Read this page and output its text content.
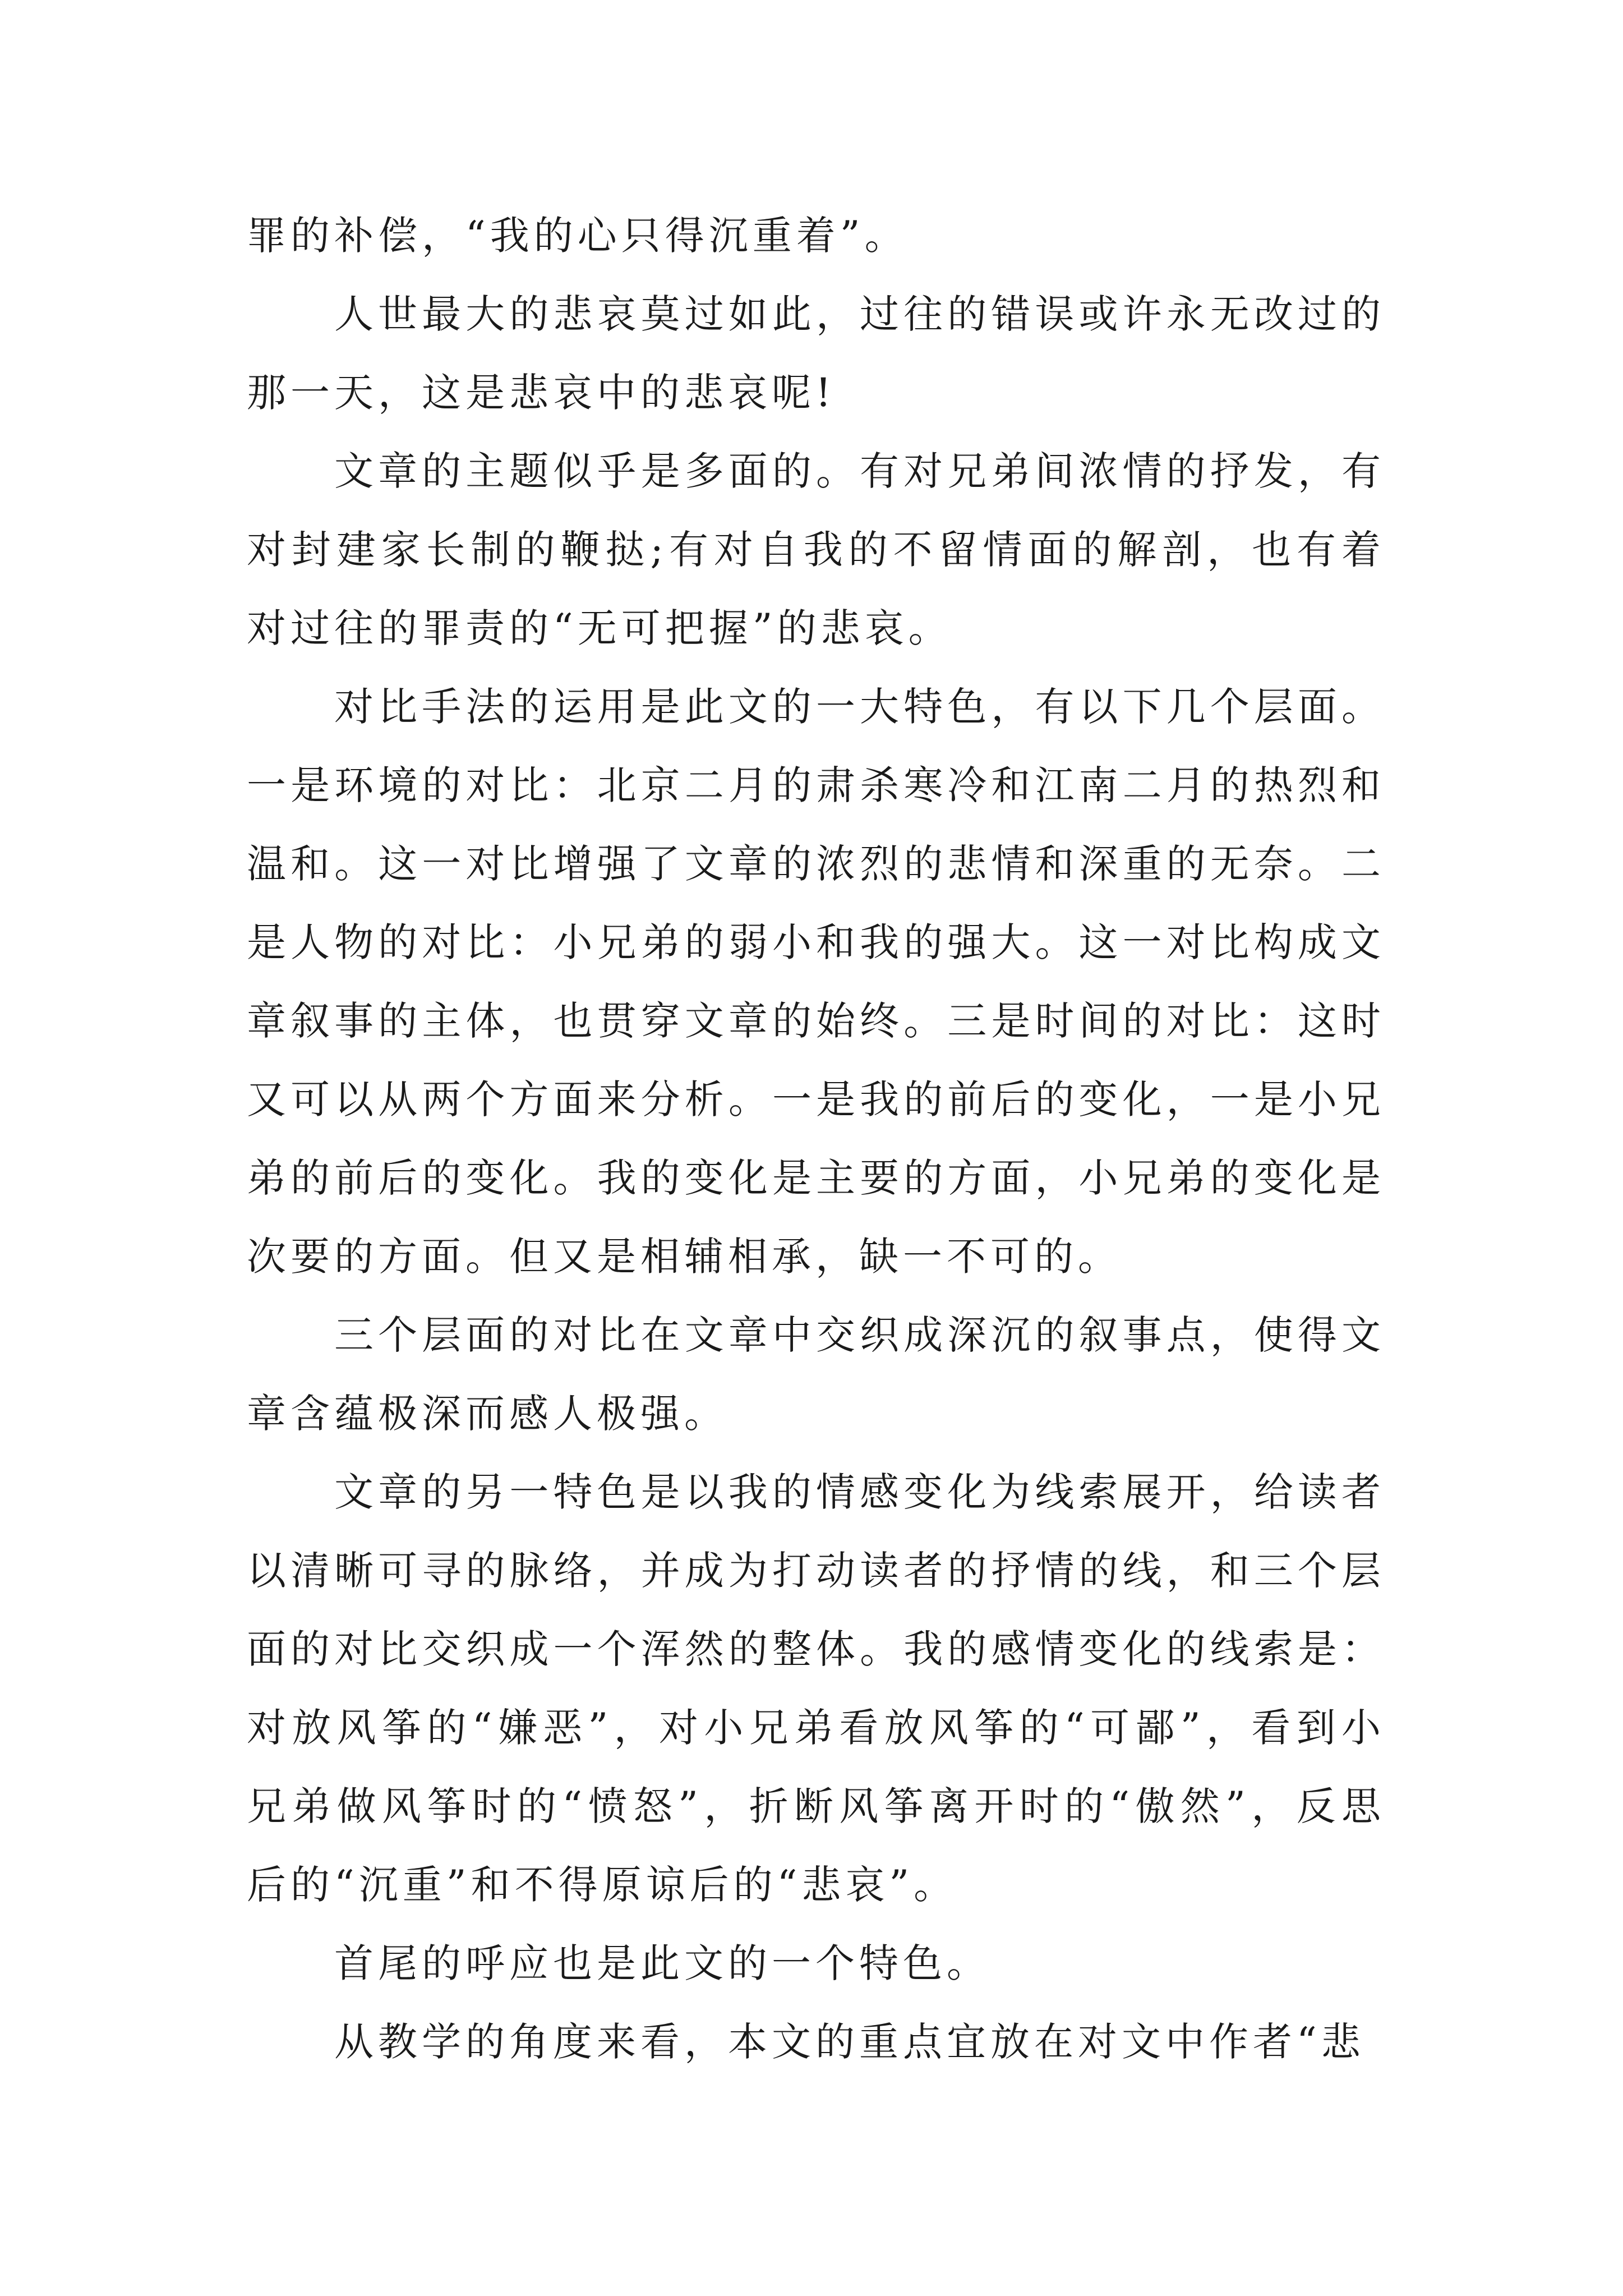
罪的补偿，“我的心只得沉重着”。

人世最大的悲哀莫过如此，过往的错误或许永无改过的那一天，这是悲哀中的悲哀呢!

文章的主题似乎是多面的。有对兄弟间浓情的抒发，有对封建家长制的鞭挞;有对自我的不留情面的解剖，也有着对过往的罪责的“无可把握”的悲哀。

对比手法的运用是此文的一大特色，有以下几个层面。一是环境的对比：北京二月的肃杀寒冷和江南二月的热烈和温和。这一对比增强了文章的浓烈的悲情和深重的无奈。二是人物的对比：小兄弟的弱小和我的强大。这一对比构成文章叙事的主体，也贯穿文章的始终。三是时间的对比：这时又可以从两个方面来分析。一是我的前后的变化，一是小兄弟的前后的变化。我的变化是主要的方面，小兄弟的变化是次要的方面。但又是相辅相承，缺一不可的。

三个层面的对比在文章中交织成深沉的叙事点，使得文章含蕴极深而感人极强。

文章的另一特色是以我的情感变化为线索展开，给读者以清晰可寻的脉络，并成为打动读者的抒情的线，和三个层面的对比交织成一个浑然的整体。我的感情变化的线索是：对放风筝的“嫌恶”，对小兄弟看放风筝的“可鄙”，看到小兄弟做风筝时的“愤怒”，折断风筝离开时的“傲然”，反思后的“沉重”和不得原谅后的“悲哀”。

首尾的呼应也是此文的一个特色。

从教学的角度来看，本文的重点宜放在对文中作者“悲
